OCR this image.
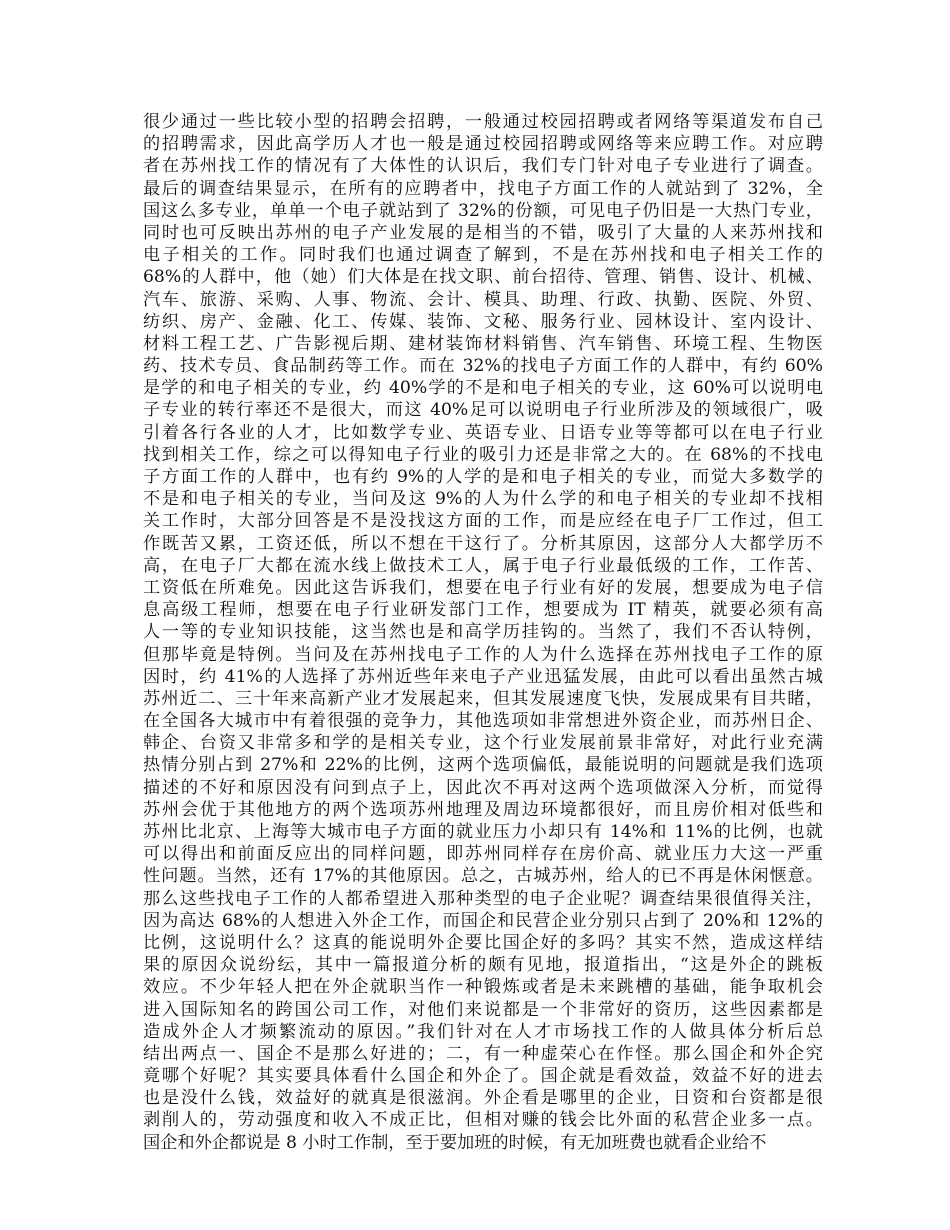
很少通过一些比较小型的招聘会招聘，一般通过校园招聘或者网络等渠道发布自己
的招聘需求，因此高学历人才也一般是通过校园招聘或网络等来应聘工作。对应聘
者在苏州找工作的情况有了大体性的认识后，我们专门针对电子专业进行了调查。
最后的调查结果显示，在所有的应聘者中，找电子方面工作的人就站到了 32%，全
国这么多专业，单单一个电子就站到了 32%的份额，可见电子仍旧是一大热门专业，
同时也可反映出苏州的电子产业发展的是相当的不错，吸引了大量的人来苏州找和
电子相关的工作。同时我们也通过调查了解到，不是在苏州找和电子相关工作的
68%的人群中，他（她）们大体是在找文职、前台招待、管理、销售、设计、机械、
汽车、旅游、采购、人事、物流、会计、模具、助理、行政、执勤、医院、外贸、
纺织、房产、金融、化工、传媒、装饰、文秘、服务行业、园林设计、室内设计、
材料工程工艺、广告影视后期、建材装饰材料销售、汽车销售、环境工程、生物医
药、技术专员、食品制药等工作。而在 32%的找电子方面工作的人群中，有约 60%
是学的和电子相关的专业，约 40%学的不是和电子相关的专业，这 60%可以说明电
子专业的转行率还不是很大，而这 40%足可以说明电子行业所涉及的领域很广，吸
引着各行各业的人才，比如数学专业、英语专业、日语专业等等都可以在电子行业
找到相关工作，综之可以得知电子行业的吸引力还是非常之大的。在 68%的不找电
子方面工作的人群中，也有约 9%的人学的是和电子相关的专业，而觉大多数学的
不是和电子相关的专业，当问及这 9%的人为什么学的和电子相关的专业却不找相
关工作时，大部分回答是不是没找这方面的工作，而是应经在电子厂工作过，但工
作既苦又累，工资还低，所以不想在干这行了。分析其原因，这部分人大都学历不
高，在电子厂大都在流水线上做技术工人，属于电子行业最低级的工作，工作苦、
工资低在所难免。因此这告诉我们，想要在电子行业有好的发展，想要成为电子信
息高级工程师，想要在电子行业研发部门工作，想要成为 IT 精英，就要必须有高
人一等的专业知识技能，这当然也是和高学历挂钩的。当然了，我们不否认特例，
但那毕竟是特例。当问及在苏州找电子工作的人为什么选择在苏州找电子工作的原
因时，约 41%的人选择了苏州近些年来电子产业迅猛发展，由此可以看出虽然古城
苏州近二、三十年来高新产业才发展起来，但其发展速度飞快，发展成果有目共睹，
在全国各大城市中有着很强的竞争力，其他选项如非常想进外资企业，而苏州日企、
韩企、台资又非常多和学的是相关专业，这个行业发展前景非常好，对此行业充满
热情分别占到 27%和 22%的比例，这两个选项偏低，最能说明的问题就是我们选项
描述的不好和原因没有问到点子上，因此次不再对这两个选项做深入分析，而觉得
苏州会优于其他地方的两个选项苏州地理及周边环境都很好，而且房价相对低些和
苏州比北京、上海等大城市电子方面的就业压力小却只有 14%和 11%的比例，也就
可以得出和前面反应出的同样问题，即苏州同样存在房价高、就业压力大这一严重
性问题。当然，还有 17%的其他原因。总之，古城苏州，给人的已不再是休闲惬意。
那么这些找电子工作的人都希望进入那种类型的电子企业呢？调查结果很值得关注，
因为高达 68%的人想进入外企工作，而国企和民营企业分别只占到了 20%和 12%的
比例，这说明什么？这真的能说明外企要比国企好的多吗？其实不然，造成这样结
果的原因众说纷纭，其中一篇报道分析的颇有见地，报道指出，“这是外企的跳板
效应。不少年轻人把在外企就职当作一种锻炼或者是未来跳槽的基础，能争取机会
进入国际知名的跨国公司工作，对他们来说都是一个非常好的资历，这些因素都是
造成外企人才频繁流动的原因。”我们针对在人才市场找工作的人做具体分析后总
结出两点一、国企不是那么好进的；二，有一种虚荣心在作怪。那么国企和外企究
竟哪个好呢？其实要具体看什么国企和外企了。国企就是看效益，效益不好的进去
也是没什么钱，效益好的就真是很滋润。外企看是哪里的企业，日资和台资都是很
剥削人的，劳动强度和收入不成正比，但相对赚的钱会比外面的私营企业多一点。
国企和外企都说是 8 小时工作制，至于要加班的时候，有无加班费也就看企业给不
